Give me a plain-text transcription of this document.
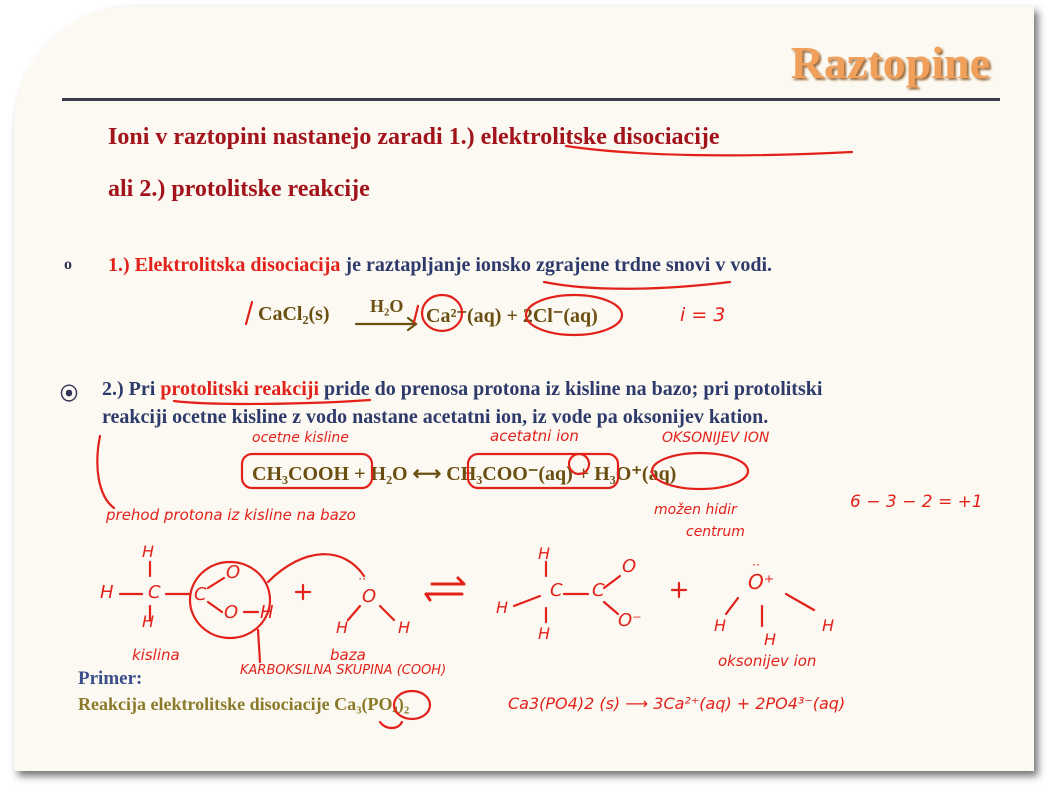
Raztopine
Ioni v raztopini nastanejo zaradi 1.) elektrolitske disociacije
ali 2.) protolitske reakcije
o 1.) Elektrolitska disociacija je raztapljanje ionsko zgrajene trdne snovi v vodi.
CaCl₂(s) H₂O Ca²⁺(aq) + 2Cl⁻(aq)	i = 3
⦿ 2.) Pri protolitski reakciji pride do prenosa protona iz kisline na bazo; pri protolitski
reakciji ocetne kisline z vodo nastane acetatni ion, iz vode pa oksonijev kation.
CH₃COOH + H₂O ⟷ CH₃COO⁻(aq) + H₃O⁺(aq)
ocetne kisline	acetatni ion	OKSONIJEV ION
prehod protona iz kisline na bazo
6 − 3 − 2 = +1
možen hidir
centrum
kislina	baza
KARBOKSILNA SKUPINA (COOH)
oksonijev ion
Ca3(PO4)2 (s) ⟶ 3Ca²⁺(aq) + 2PO4³⁻(aq)
H
H C
H
C
O
O H
··
O
H	H
H
H
C
H
C
O
O⁻
··
O⁺
H
H
H
Primer:
Reakcija elektrolitske disociacije Ca₃(PO₄)₂
